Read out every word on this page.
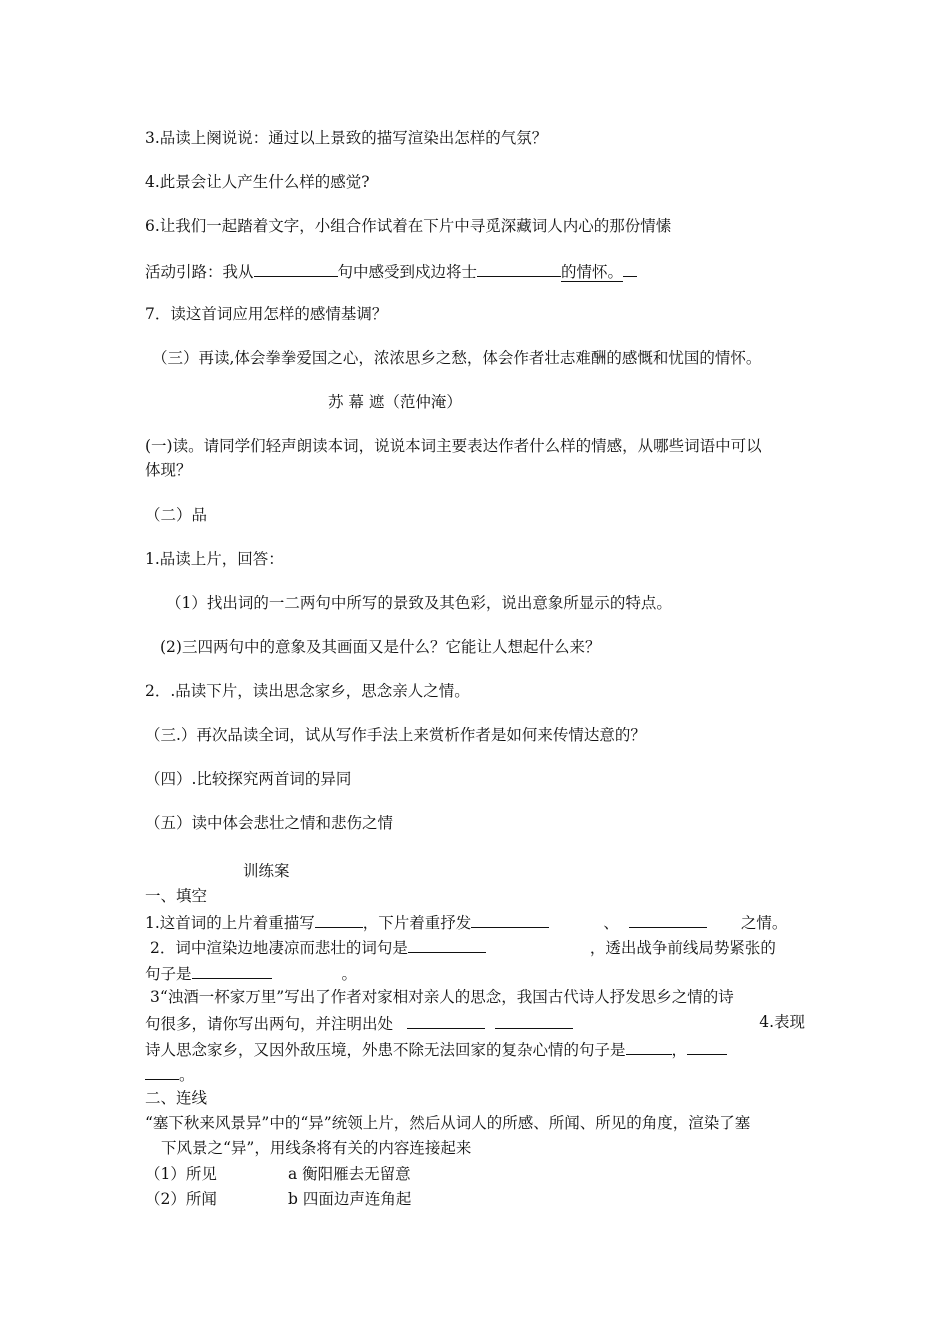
3.品读上阕说说：通过以上景致的描写渲染出怎样的气氛？
4.此景会让人产生什么样的感觉?
6.让我们一起踏着文字，小组合作试着在下片中寻觅深藏词人内心的那份情愫
活动引路：我从	句中感受到戍边将士	的情怀。
7．读这首词应用怎样的感情基调？
（三）再读,体会拳拳爱国之心，浓浓思乡之愁，体会作者壮志难酬的感慨和忧国的情怀。
苏 幕 遮（范仲淹）
(一)读。请同学们轻声朗读本词，说说本词主要表达作者什么样的情感，从哪些词语中可以
体现？
（二）品
1.品读上片，回答：
（1）找出词的一二两句中所写的景致及其色彩，说出意象所显示的特点。
(2)三四两句中的意象及其画面又是什么？它能让人想起什么来？
2．.品读下片，读出思念家乡，思念亲人之情。
（三.）再次品读全词，试从写作手法上来赏析作者是如何来传情达意的？
（四）.比较探究两首词的异同
（五）读中体会悲壮之情和悲伤之情
训练案
一、填空
1.这首词的上片着重描写	，下片着重抒发	、	之情。
2．词中渲染边地凄凉而悲壮的词句是	，透出战争前线局势紧张的
句子是	。
3“浊酒一杯家万里”写出了作者对家相对亲人的思念，我国古代诗人抒发思乡之情的诗
句很多，请你写出两句，并注明出处	4.表现
诗人思念家乡，又因外敌压境，外患不除无法回家的复杂心情的句子是	，
。
二、连线
“塞下秋来风景异”中的“异”统领上片，然后从词人的所感、所闻、所见的角度，渲染了塞
下风景之“异”，用线条将有关的内容连接起来
（1）所见	a 衡阳雁去无留意
（2）所闻	b 四面边声连角起
